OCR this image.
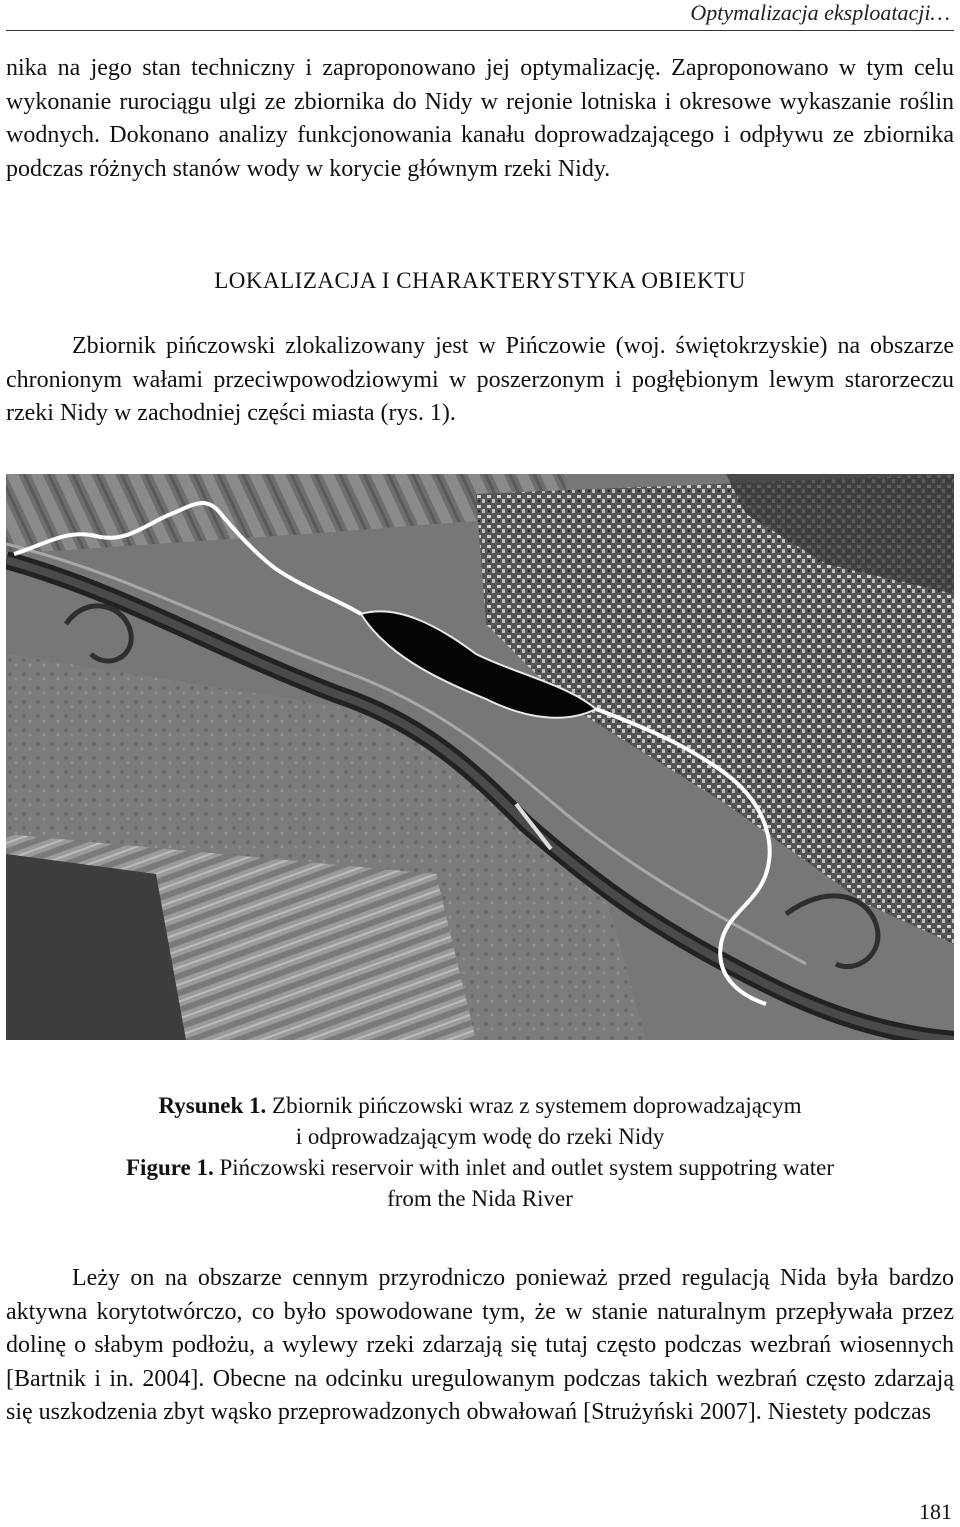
Optymalizacja eksploatacji…

nika na jego stan techniczny i zaproponowano jej optymalizację. Zaproponowano w tym celu wykonanie rurociągu ulgi ze zbiornika do Nidy w rejonie lotniska i okresowe wykaszanie roślin wodnych. Dokonano analizy funkcjonowania kanału doprowadzającego i odpływu ze zbiornika podczas różnych stanów wody w korycie głównym rzeki Nidy.

LOKALIZACJA I CHARAKTERYSTYKA OBIEKTU

Zbiornik pińczowski zlokalizowany jest w Pińczowie (woj. świętokrzyskie) na obszarze chronionym wałami przeciwpowodziowymi w poszerzonym i pogłębionym lewym starorzeczu rzeki Nidy w zachodniej części miasta (rys. 1).

Rysunek 1. Zbiornik pińczowski wraz z systemem doprowadzającym
i odprowadzającym wodę do rzeki Nidy

Figure 1. Pińczowski reservoir with inlet and outlet system suppotring water
from the Nida River

Leży on na obszarze cennym przyrodniczo ponieważ przed regulacją Nida była bardzo aktywna korytotwórczo, co było spowodowane tym, że w stanie naturalnym przepływała przez dolinę o słabym podłożu, a wylewy rzeki zdarzają się tutaj często podczas wezbrań wiosennych [Bartnik i in. 2004]. Obecne na odcinku uregulowanym podczas takich wezbrań często zdarzają się uszkodzenia zbyt wąsko przeprowadzonych obwałowań [Strużyński 2007]. Niestety podczas

181
